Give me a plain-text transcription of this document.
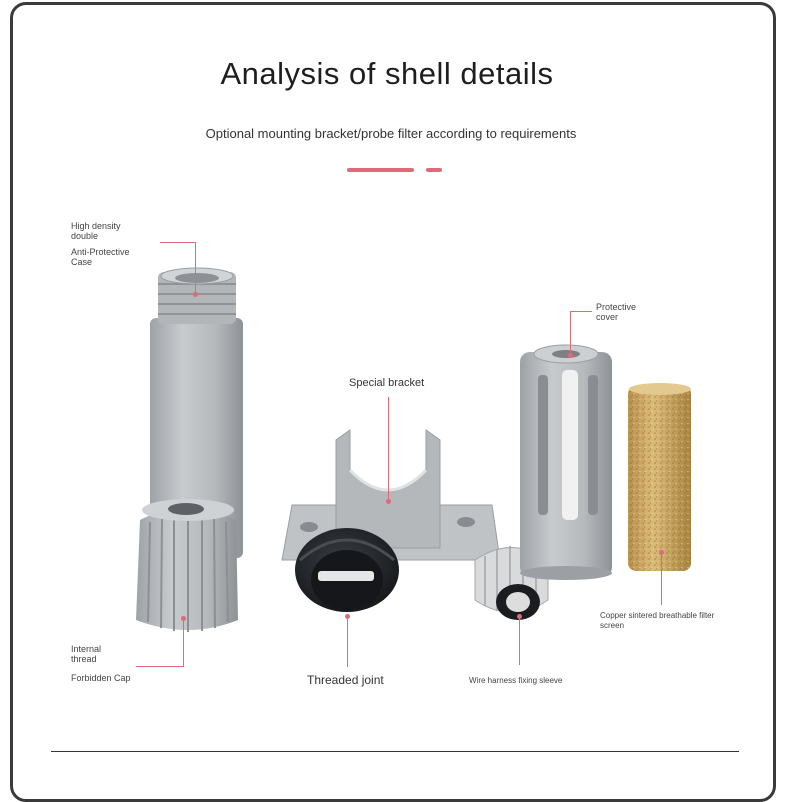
Analysis of shell details
Optional mounting bracket/probe filter according to requirements
High density
double
Anti-Protective
Case
Protective
cover
Special bracket
Internal
thread
Forbidden Cap	Threaded joint	Wire harness fixing sleeve
Copper sintered breathable filter
screen
